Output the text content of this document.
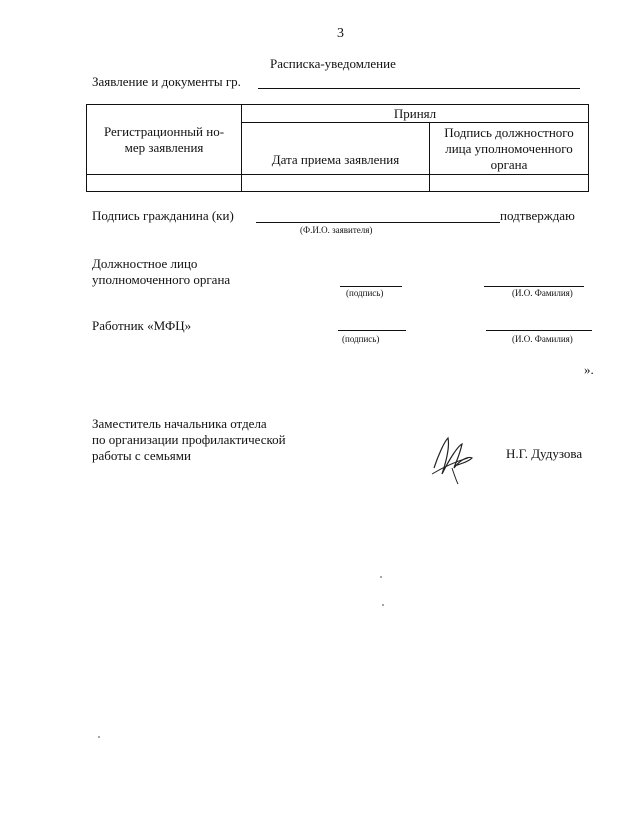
3
Расписка-уведомление
Заявление и документы гр.
Регистрационный но-мер заявления	Принял	
	Дата приема заявления	Подпись должностного лица уполномоченного органа

Подпись гражданина (ки)	подтверждаю
(Ф.И.О. заявителя)
Должностное лицо
уполномоченного органа
(подпись)	(И.О. Фамилия)
Работник «МФЦ»
(подпись)	(И.О. Фамилия)
».
Заместитель начальника отдела
по организации профилактической
работы с семьями	Н.Г. Дудузова
